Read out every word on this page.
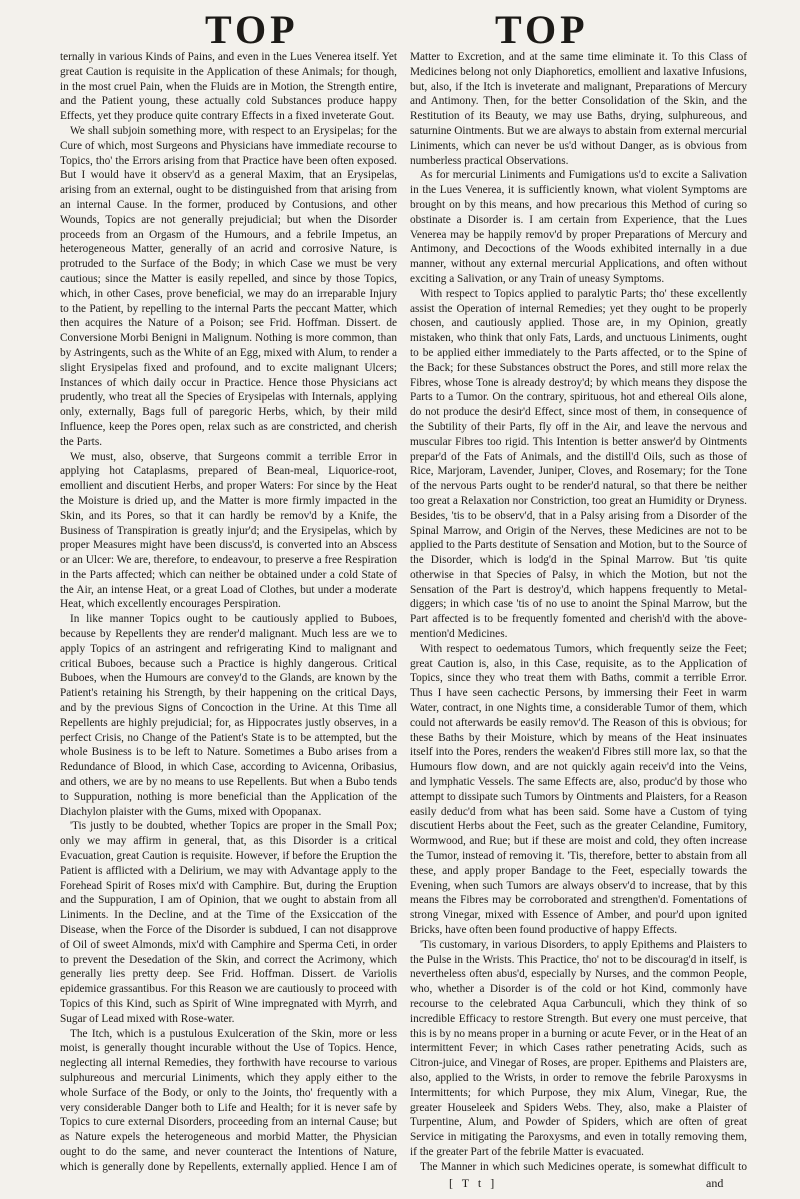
TOP	TOP

ternally in various Kinds of Pains, and even in the Lues Venerea itself. Yet great Caution is requisite in the Application of these Animals; for though, in the most cruel Pain, when the Fluids are in Motion, the Strength entire, and the Patient young, these actually cold Substances produce happy Effects, yet they produce quite contrary Effects in a fixed inveterate Gout.

We shall subjoin something more, with respect to an Erysipelas; for the Cure of which, most Surgeons and Physicians have immediate recourse to Topics, tho' the Errors arising from that Practice have been often exposed. But I would have it observ'd as a general Maxim, that an Erysipelas, arising from an external, ought to be distinguished from that arising from an internal Cause. In the former, produced by Contusions, and other Wounds, Topics are not generally prejudicial; but when the Disorder proceeds from an Orgasm of the Humours, and a febrile Impetus, an heterogeneous Matter, generally of an acrid and corrosive Nature, is protruded to the Surface of the Body; in which Case we must be very cautious; since the Matter is easily repelled, and since by those Topics, which, in other Cases, prove beneficial, we may do an irreparable Injury to the Patient, by repelling to the internal Parts the peccant Matter, which then acquires the Nature of a Poison; see Frid. Hoffman. Dissert. de Conversione Morbi Benigni in Malignum. Nothing is more common, than by Astringents, such as the White of an Egg, mixed with Alum, to render a slight Erysipelas fixed and profound, and to excite malignant Ulcers; Instances of which daily occur in Practice. Hence those Physicians act prudently, who treat all the Species of Erysipelas with Internals, applying only, externally, Bags full of paregoric Herbs, which, by their mild Influence, keep the Pores open, relax such as are constricted, and cherish the Parts.

We must, also, observe, that Surgeons commit a terrible Error in applying hot Cataplasms, prepared of Bean-meal, Liquorice-root, emollient and discutient Herbs, and proper Waters: For since by the Heat the Moisture is dried up, and the Matter is more firmly impacted in the Skin, and its Pores, so that it can hardly be remov'd by a Knife, the Business of Transpiration is greatly injur'd; and the Erysipelas, which by proper Measures might have been discuss'd, is converted into an Abscess or an Ulcer: We are, therefore, to endeavour, to preserve a free Respiration in the Parts affected; which can neither be obtained under a cold State of the Air, an intense Heat, or a great Load of Clothes, but under a moderate Heat, which excellently encourages Perspiration.

In like manner Topics ought to be cautiously applied to Buboes, because by Repellents they are render'd malignant. Much less are we to apply Topics of an astringent and refrigerating Kind to malignant and critical Buboes, because such a Practice is highly dangerous. Critical Buboes, when the Humours are convey'd to the Glands, are known by the Patient's retaining his Strength, by their happening on the critical Days, and by the previous Signs of Concoction in the Urine. At this Time all Repellents are highly prejudicial; for, as Hippocrates justly observes, in a perfect Crisis, no Change of the Patient's State is to be attempted, but the whole Business is to be left to Nature. Sometimes a Bubo arises from a Redundance of Blood, in which Case, according to Avicenna, Oribasius, and others, we are by no means to use Repellents. But when a Bubo tends to Suppuration, nothing is more beneficial than the Application of the Diachylon plaister with the Gums, mixed with Opopanax.

'Tis justly to be doubted, whether Topics are proper in the Small Pox; only we may affirm in general, that, as this Disorder is a critical Evacuation, great Caution is requisite. However, if before the Eruption the Patient is afflicted with a Delirium, we may with Advantage apply to the Forehead Spirit of Roses mix'd with Camphire. But, during the Eruption and the Suppuration, I am of Opinion, that we ought to abstain from all Liniments. In the Decline, and at the Time of the Exsiccation of the Disease, when the Force of the Disorder is subdued, I can not disapprove of Oil of sweet Almonds, mix'd with Camphire and Sperma Ceti, in order to prevent the Desedation of the Skin, and correct the Acrimony, which generally lies pretty deep. See Frid. Hoffman. Dissert. de Variolis epidemice grassantibus. For this Reason we are cautiously to proceed with Topics of this Kind, such as Spirit of Wine impregnated with Myrrh, and Sugar of Lead mixed with Rose-water.

The Itch, which is a pustulous Exulceration of the Skin, more or less moist, is generally thought incurable without the Use of Topics. Hence, neglecting all internal Remedies, they forthwith have recourse to various sulphureous and mercurial Liniments, which they apply either to the whole Surface of the Body, or only to the Joints, tho' frequently with a very considerable Danger both to Life and Health; for it is never safe by Topics to cure external Disorders, proceeding from an internal Cause; but as Nature expels the heterogeneous and morbid Matter, the Physician ought to do the same, and never counteract the Intentions of Nature, which is generally done by Repellents, externally applied. Hence I am of

Matter to Excretion, and at the same time eliminate it. To this Class of Medicines belong not only Diaphoretics, emollient and laxative Infusions, but, also, if the Itch is inveterate and malignant, Preparations of Mercury and Antimony. Then, for the better Consolidation of the Skin, and the Restitution of its Beauty, we may use Baths, drying, sulphureous, and saturnine Ointments. But we are always to abstain from external mercurial Liniments, which can never be us'd without Danger, as is obvious from numberless practical Observations.

As for mercurial Liniments and Fumigations us'd to excite a Salivation in the Lues Venerea, it is sufficiently known, what violent Symptoms are brought on by this means, and how precarious this Method of curing so obstinate a Disorder is. I am certain from Experience, that the Lues Venerea may be happily remov'd by proper Preparations of Mercury and Antimony, and Decoctions of the Woods exhibited internally in a due manner, without any external mercurial Applications, and often without exciting a Salivation, or any Train of uneasy Symptoms.

With respect to Topics applied to paralytic Parts; tho' these excellently assist the Operation of internal Remedies; yet they ought to be properly chosen, and cautiously applied. Those are, in my Opinion, greatly mistaken, who think that only Fats, Lards, and unctuous Liniments, ought to be applied either immediately to the Parts affected, or to the Spine of the Back; for these Substances obstruct the Pores, and still more relax the Fibres, whose Tone is already destroy'd; by which means they dispose the Parts to a Tumor. On the contrary, spirituous, hot and ethereal Oils alone, do not produce the desir'd Effect, since most of them, in consequence of the Subtility of their Parts, fly off in the Air, and leave the nervous and muscular Fibres too rigid. This Intention is better answer'd by Ointments prepar'd of the Fats of Animals, and the distill'd Oils, such as those of Rice, Marjoram, Lavender, Juniper, Cloves, and Rosemary; for the Tone of the nervous Parts ought to be render'd natural, so that there be neither too great a Relaxation nor Constriction, too great an Humidity or Dryness. Besides, 'tis to be observ'd, that in a Palsy arising from a Disorder of the Spinal Marrow, and Origin of the Nerves, these Medicines are not to be applied to the Parts destitute of Sensation and Motion, but to the Source of the Disorder, which is lodg'd in the Spinal Marrow. But 'tis quite otherwise in that Species of Palsy, in which the Motion, but not the Sensation of the Part is destroy'd, which happens frequently to Metal-diggers; in which case 'tis of no use to anoint the Spinal Marrow, but the Part affected is to be frequently fomented and cherish'd with the above-mention'd Medicines.

With respect to oedematous Tumors, which frequently seize the Feet; great Caution is, also, in this Case, requisite, as to the Application of Topics, since they who treat them with Baths, commit a terrible Error. Thus I have seen cachectic Persons, by immersing their Feet in warm Water, contract, in one Nights time, a considerable Tumor of them, which could not afterwards be easily remov'd. The Reason of this is obvious; for these Baths by their Moisture, which by means of the Heat insinuates itself into the Pores, renders the weaken'd Fibres still more lax, so that the Humours flow down, and are not quickly again receiv'd into the Veins, and lymphatic Vessels. The same Effects are, also, produc'd by those who attempt to dissipate such Tumors by Ointments and Plaisters, for a Reason easily deduc'd from what has been said. Some have a Custom of tying discutient Herbs about the Feet, such as the greater Celandine, Fumitory, Wormwood, and Rue; but if these are moist and cold, they often increase the Tumor, instead of removing it. 'Tis, therefore, better to abstain from all these, and apply proper Bandage to the Feet, especially towards the Evening, when such Tumors are always observ'd to increase, that by this means the Fibres may be corroborated and strengthen'd. Fomentations of strong Vinegar, mixed with Essence of Amber, and pour'd upon ignited Bricks, have often been found productive of happy Effects.

'Tis customary, in various Disorders, to apply Epithems and Plaisters to the Pulse in the Wrists. This Practice, tho' not to be discourag'd in itself, is nevertheless often abus'd, especially by Nurses, and the common People, who, whether a Disorder is of the cold or hot Kind, commonly have recourse to the celebrated Aqua Carbunculi, which they think of so incredible Efficacy to restore Strength. But every one must perceive, that this is by no means proper in a burning or acute Fever, or in the Heat of an intermittent Fever; in which Cases rather penetrating Acids, such as Citron-juice, and Vinegar of Roses, are proper. Epithems and Plaisters are, also, applied to the Wrists, in order to remove the febrile Paroxysms in Intermittents; for which Purpose, they mix Alum, Vinegar, Rue, the greater Houseleek and Spiders Webs. They, also, make a Plaister of Turpentine, Alum, and Powder of Spiders, which are often of great Service in mitigating the Paroxysms, and even in totally removing them, if the greater Part of the febrile Matter is evacuated.

The Manner in which such Medicines operate, is somewhat difficult to

[ T t ]	and
